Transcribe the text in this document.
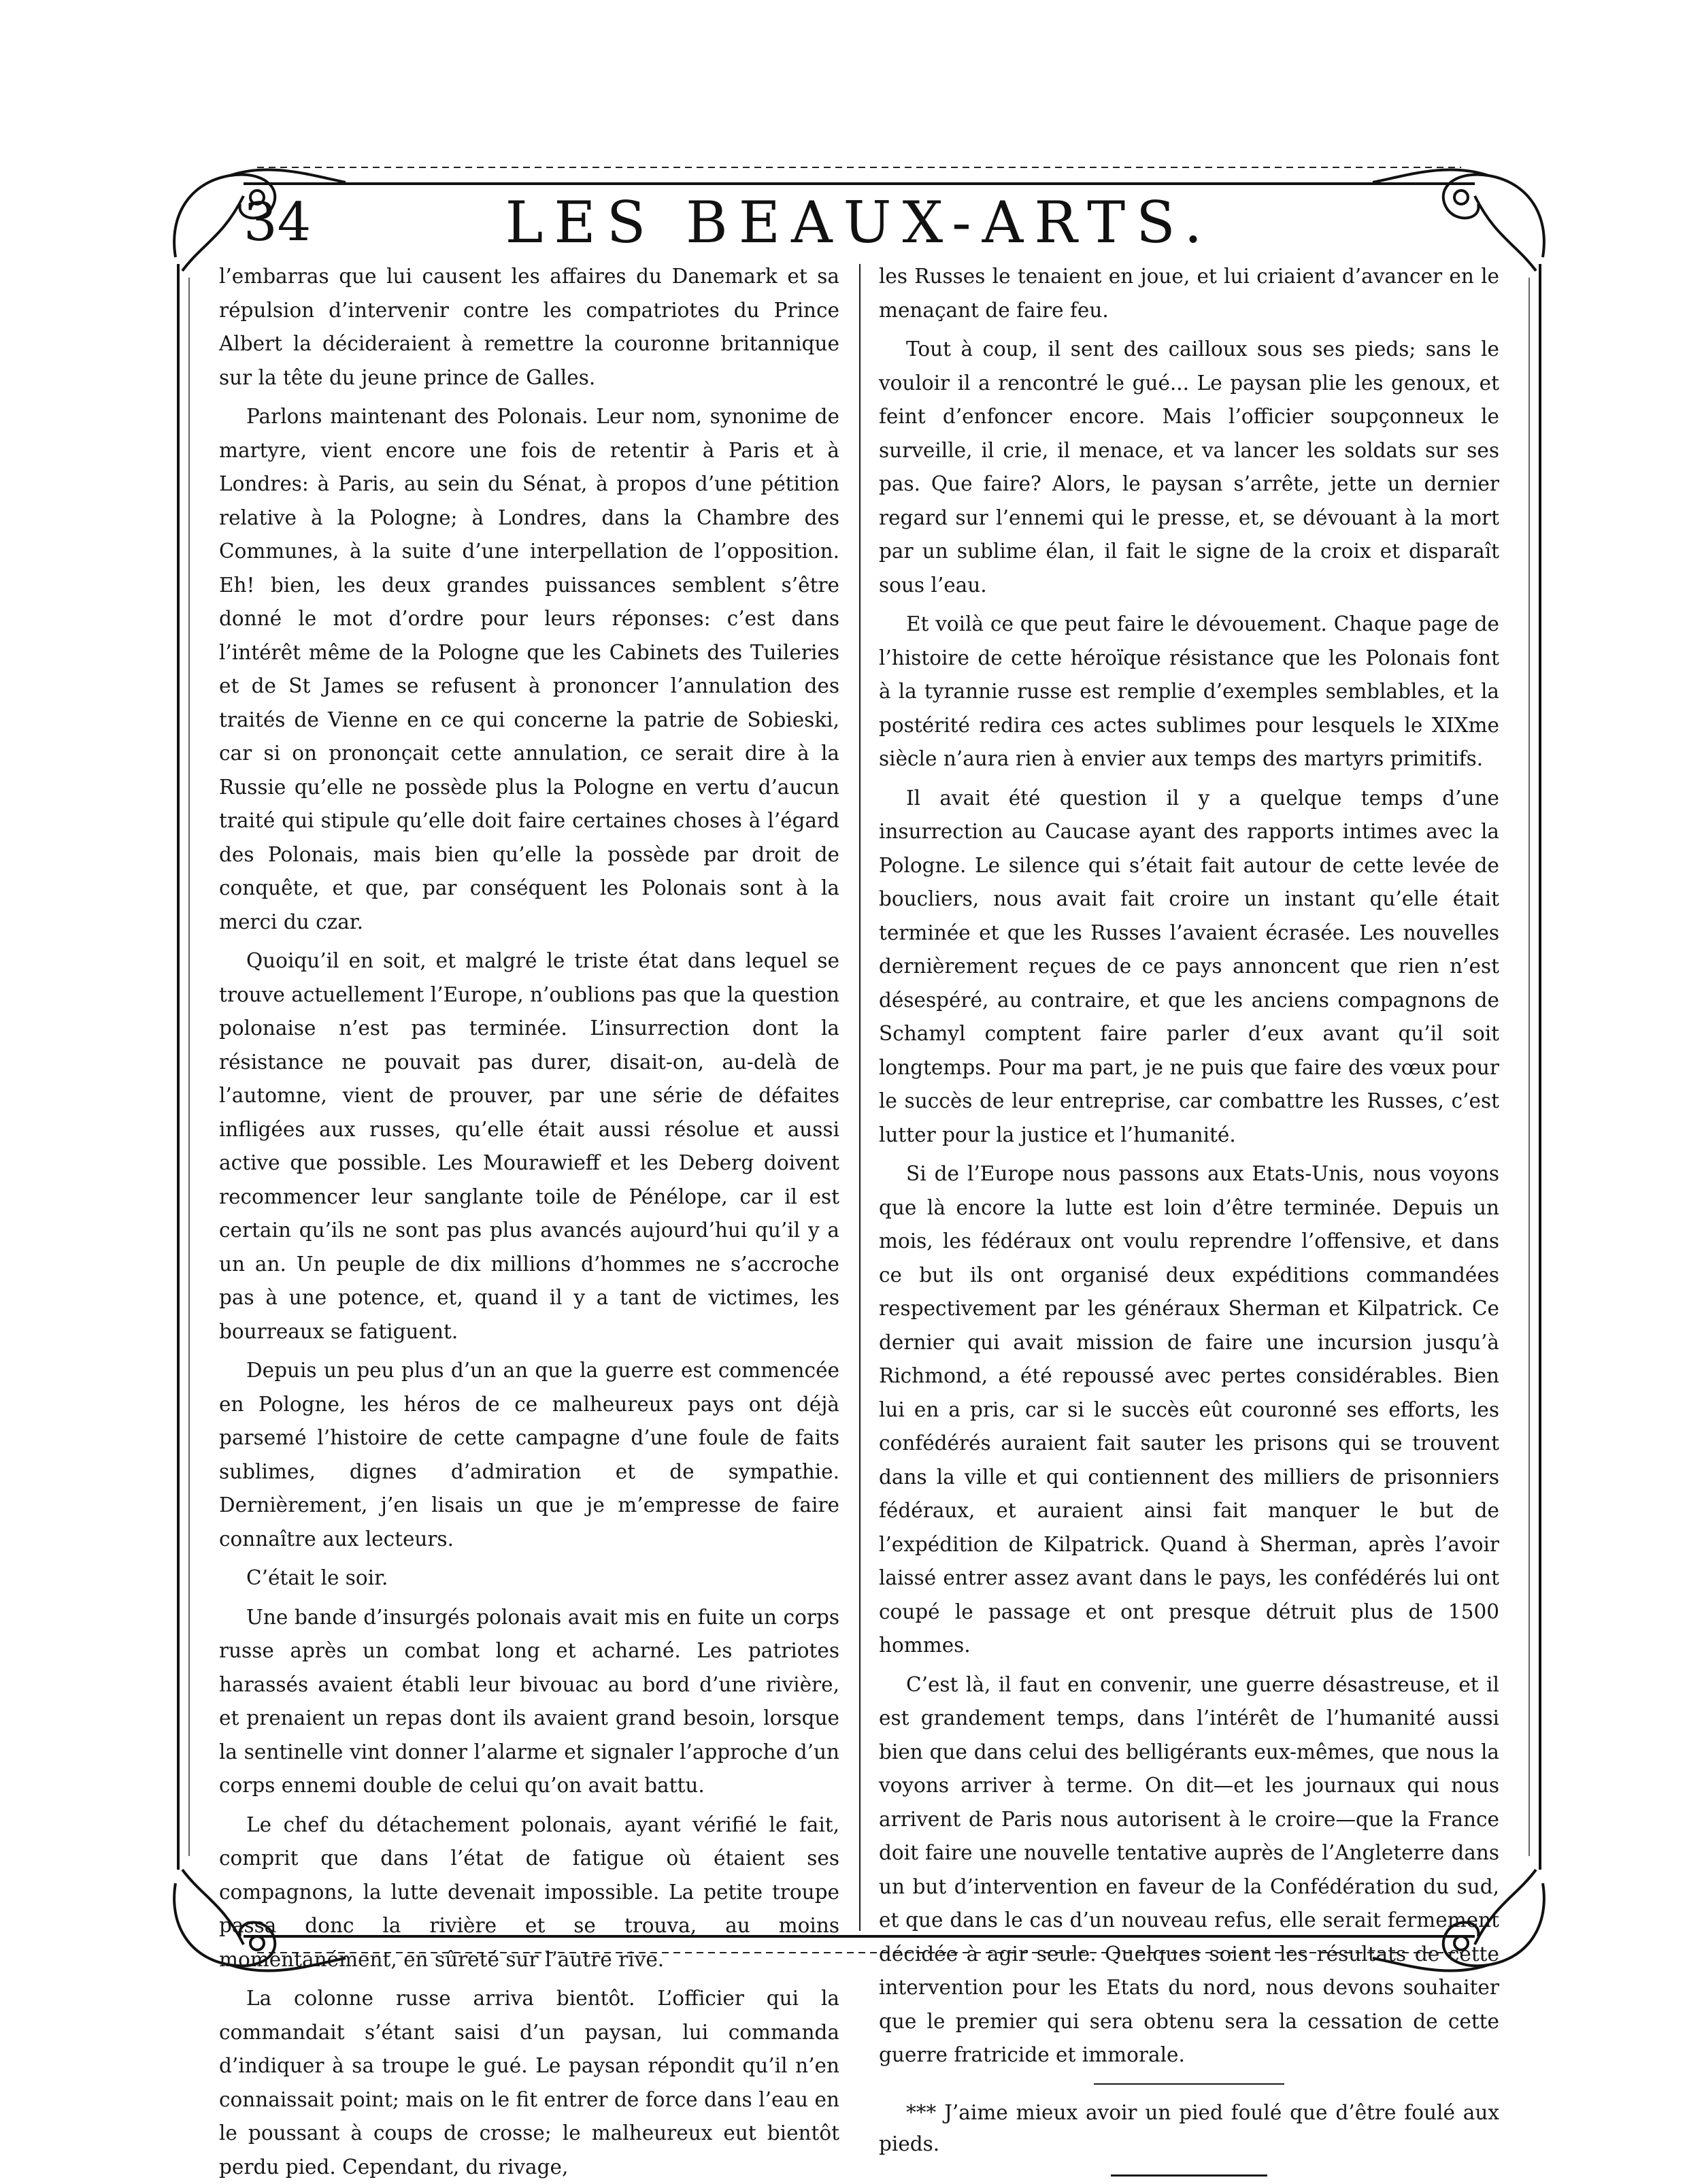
34	LES BEAUX-ARTS.

l’embarras que lui causent les affaires du Danemark et sa répulsion d’intervenir contre les compatriotes du Prince Albert la décideraient à remettre la couronne britannique sur la tête du jeune prince de Galles.

Parlons maintenant des Polonais. Leur nom, synonime de martyre, vient encore une fois de retentir à Paris et à Londres: à Paris, au sein du Sénat, à propos d’une pétition relative à la Pologne; à Londres, dans la Chambre des Communes, à la suite d’une interpellation de l’opposition. Eh! bien, les deux grandes puissances semblent s’être donné le mot d’ordre pour leurs réponses: c’est dans l’intérêt même de la Pologne que les Cabinets des Tuileries et de St James se refusent à prononcer l’annulation des traités de Vienne en ce qui concerne la patrie de Sobieski, car si on prononçait cette annulation, ce serait dire à la Russie qu’elle ne possède plus la Pologne en vertu d’aucun traité qui stipule qu’elle doit faire certaines choses à l’égard des Polonais, mais bien qu’elle la possède par droit de conquête, et que, par conséquent les Polonais sont à la merci du czar.

Quoiqu’il en soit, et malgré le triste état dans lequel se trouve actuellement l’Europe, n’oublions pas que la question polonaise n’est pas terminée. L’insurrection dont la résistance ne pouvait pas durer, disait-on, au-delà de l’automne, vient de prouver, par une série de défaites infligées aux russes, qu’elle était aussi résolue et aussi active que possible. Les Mourawieff et les Deberg doivent recommencer leur sanglante toile de Pénélope, car il est certain qu’ils ne sont pas plus avancés aujourd’hui qu’il y a un an. Un peuple de dix millions d’hommes ne s’accroche pas à une potence, et, quand il y a tant de victimes, les bourreaux se fatiguent.

Depuis un peu plus d’un an que la guerre est commencée en Pologne, les héros de ce malheureux pays ont déjà parsemé l’histoire de cette campagne d’une foule de faits sublimes, dignes d’admiration et de sympathie. Dernièrement, j’en lisais un que je m’empresse de faire connaître aux lecteurs.

C’était le soir.

Une bande d’insurgés polonais avait mis en fuite un corps russe après un combat long et acharné. Les patriotes harassés avaient établi leur bivouac au bord d’une rivière, et prenaient un repas dont ils avaient grand besoin, lorsque la sentinelle vint donner l’alarme et signaler l’approche d’un corps ennemi double de celui qu’on avait battu.

Le chef du détachement polonais, ayant vérifié le fait, comprit que dans l’état de fatigue où étaient ses compagnons, la lutte devenait impossible. La petite troupe passa donc la rivière et se trouva, au moins momentanément, en sûreté sur l’autre rive.

La colonne russe arriva bientôt. L’officier qui la commandait s’étant saisi d’un paysan, lui commanda d’indiquer à sa troupe le gué. Le paysan répondit qu’il n’en connaissait point; mais on le fit entrer de force dans l’eau en le poussant à coups de crosse; le malheureux eut bientôt perdu pied. Cependant, du rivage,

les Russes le tenaient en joue, et lui criaient d’avancer en le menaçant de faire feu.

Tout à coup, il sent des cailloux sous ses pieds; sans le vouloir il a rencontré le gué... Le paysan plie les genoux, et feint d’enfoncer encore. Mais l’officier soupçonneux le surveille, il crie, il menace, et va lancer les soldats sur ses pas. Que faire? Alors, le paysan s’arrête, jette un dernier regard sur l’ennemi qui le presse, et, se dévouant à la mort par un sublime élan, il fait le signe de la croix et disparaît sous l’eau.

Et voilà ce que peut faire le dévouement. Chaque page de l’histoire de cette héroïque résistance que les Polonais font à la tyrannie russe est remplie d’exemples semblables, et la postérité redira ces actes sublimes pour lesquels le XIXme siècle n’aura rien à envier aux temps des martyrs primitifs.

Il avait été question il y a quelque temps d’une insurrection au Caucase ayant des rapports intimes avec la Pologne. Le silence qui s’était fait autour de cette levée de boucliers, nous avait fait croire un instant qu’elle était terminée et que les Russes l’avaient écrasée. Les nouvelles dernièrement reçues de ce pays annoncent que rien n’est désespéré, au contraire, et que les anciens compagnons de Schamyl comptent faire parler d’eux avant qu’il soit longtemps. Pour ma part, je ne puis que faire des vœux pour le succès de leur entreprise, car combattre les Russes, c’est lutter pour la justice et l’humanité.

Si de l’Europe nous passons aux Etats-Unis, nous voyons que là encore la lutte est loin d’être terminée. Depuis un mois, les fédéraux ont voulu reprendre l’offensive, et dans ce but ils ont organisé deux expéditions commandées respectivement par les généraux Sherman et Kilpatrick. Ce dernier qui avait mission de faire une incursion jusqu’à Richmond, a été repoussé avec pertes considérables. Bien lui en a pris, car si le succès eût couronné ses efforts, les confédérés auraient fait sauter les prisons qui se trouvent dans la ville et qui contiennent des milliers de prisonniers fédéraux, et auraient ainsi fait manquer le but de l’expédition de Kilpatrick. Quand à Sherman, après l’avoir laissé entrer assez avant dans le pays, les confédérés lui ont coupé le passage et ont presque détruit plus de 1500 hommes.

C’est là, il faut en convenir, une guerre désastreuse, et il est grandement temps, dans l’intérêt de l’humanité aussi bien que dans celui des belligérants eux-mêmes, que nous la voyons arriver à terme. On dit—et les journaux qui nous arrivent de Paris nous autorisent à le croire—que la France doit faire une nouvelle tentative auprès de l’Angleterre dans un but d’intervention en faveur de la Confédération du sud, et que dans le cas d’un nouveau refus, elle serait fermement décidée à agir seule. Quelques soient les résultats de cette intervention pour les Etats du nord, nous devons souhaiter que le premier qui sera obtenu sera la cessation de cette guerre fratricide et immorale.

*** J’aime mieux avoir un pied foulé que d’être foulé aux pieds.
